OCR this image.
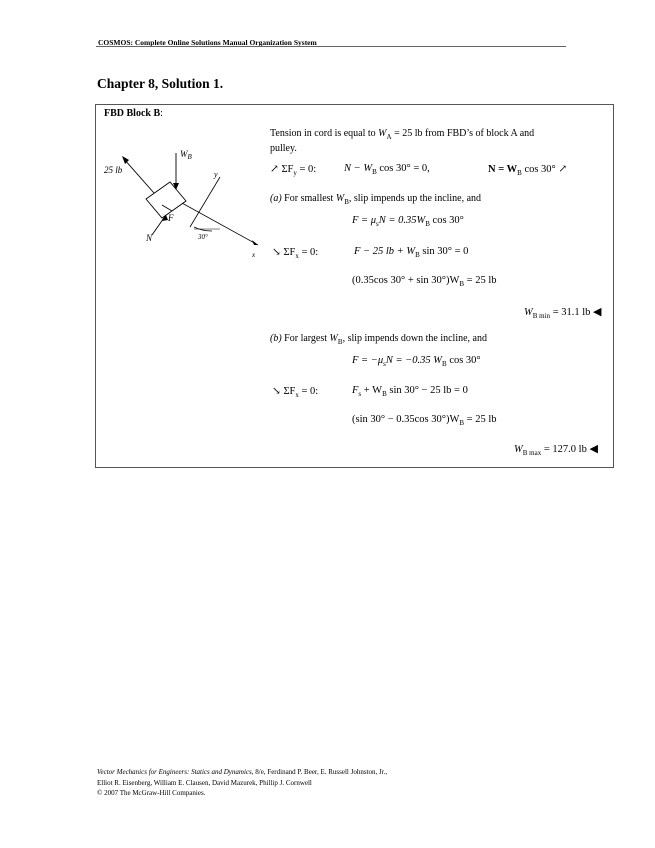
COSMOS: Complete Online Solutions Manual Organization System
Chapter 8, Solution 1.
FBD Block B:
25 lb
$W_B$
y
x
F
N	30°
Tension in cord is equal to $W_A = 25$ lb from FBD’s of block A and
pulley.
↗ $\Sigma F_y = 0$:	$N - W_B$ cos 30° = 0,	$N = W_B$ cos 30° ↗
(a) For smallest $W_B$, slip impends up the incline, and
$F = \mu_sN = 0.35W_B$ cos 30°
↘ $\Sigma F_x = 0$:	F − 25 lb + $W_B$ sin 30° = 0
(0.35cos $30^\circ + \sin 30^\circ)W_B = 25$ lb
$W_{B min} = 31.1$ lb ◀
(b) For largest $W_B$, slip impends down the incline, and
$F = -\mu_sN = -0.35$ $W_B$ cos 30°
↘ $\Sigma F_x = 0$:	$F_s + W_B$ sin 30° − 25 lb = 0
(sin 30° − 0.35cos $30^\circ)W_B = 25$ lb
$W_{B max} = 127.0$ lb ◀
Vector Mechanics for Engineers: Statics and Dynamics, 8/e, Ferdinand P. Beer, E. Russell Johnston, Jr.,
Elliot R. Eisenberg, William E. Clausen, David Mazurek, Phillip J. Cornwell
© 2007 The McGraw-Hill Companies.
